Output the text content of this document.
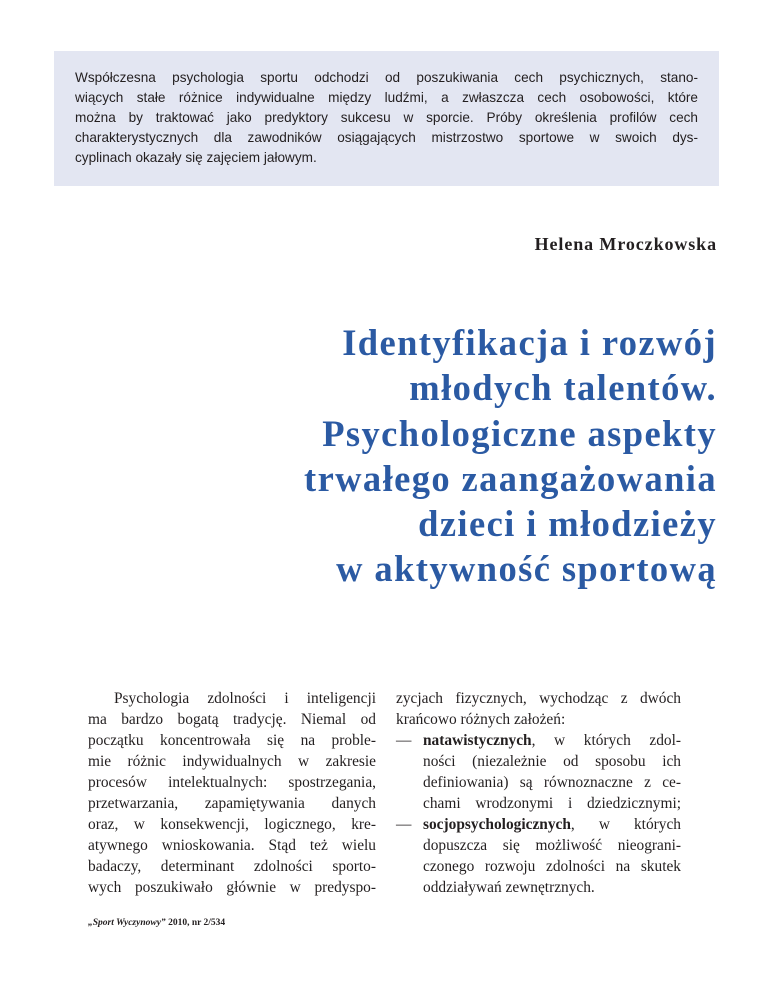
Współczesna psychologia sportu odchodzi od poszukiwania cech psychicznych, stano-
wiących stałe różnice indywidualne między ludźmi, a zwłaszcza cech osobowości, które
można by traktować jako predyktory sukcesu w sporcie. Próby określenia profilów cech
charakterystycznych dla zawodników osiągających mistrzostwo sportowe w swoich dys-
cyplinach okazały się zajęciem jałowym.
Helena Mroczkowska
Identyfikacja i rozwój
młodych talentów.
Psychologiczne aspekty
trwałego zaangażowania
dzieci i młodzieży
w aktywność sportową
Psychologia zdolności i inteligencji
ma bardzo bogatą tradycję. Niemal od
początku koncentrowała się na proble-
mie różnic indywidualnych w zakresie
procesów intelektualnych: spostrzegania,
przetwarzania, zapamiętywania danych
oraz, w konsekwencji, logicznego, kre-
atywnego wnioskowania. Stąd też wielu
badaczy, determinant zdolności sporto-
wych poszukiwało głównie w predyspo-
zycjach fizycznych, wychodząc z dwóch
krańcowo różnych założeń:
— natawistycznych, w których zdol-
ności (niezależnie od sposobu ich
definiowania) są równoznaczne z ce-
chami wrodzonymi i dziedzicznymi;
— socjopsychologicznych, w których
dopuszcza się możliwość nieograni-
czonego rozwoju zdolności na skutek
oddziaływań zewnętrznych.
„Sport Wyczynowy” 2010, nr 2/534
